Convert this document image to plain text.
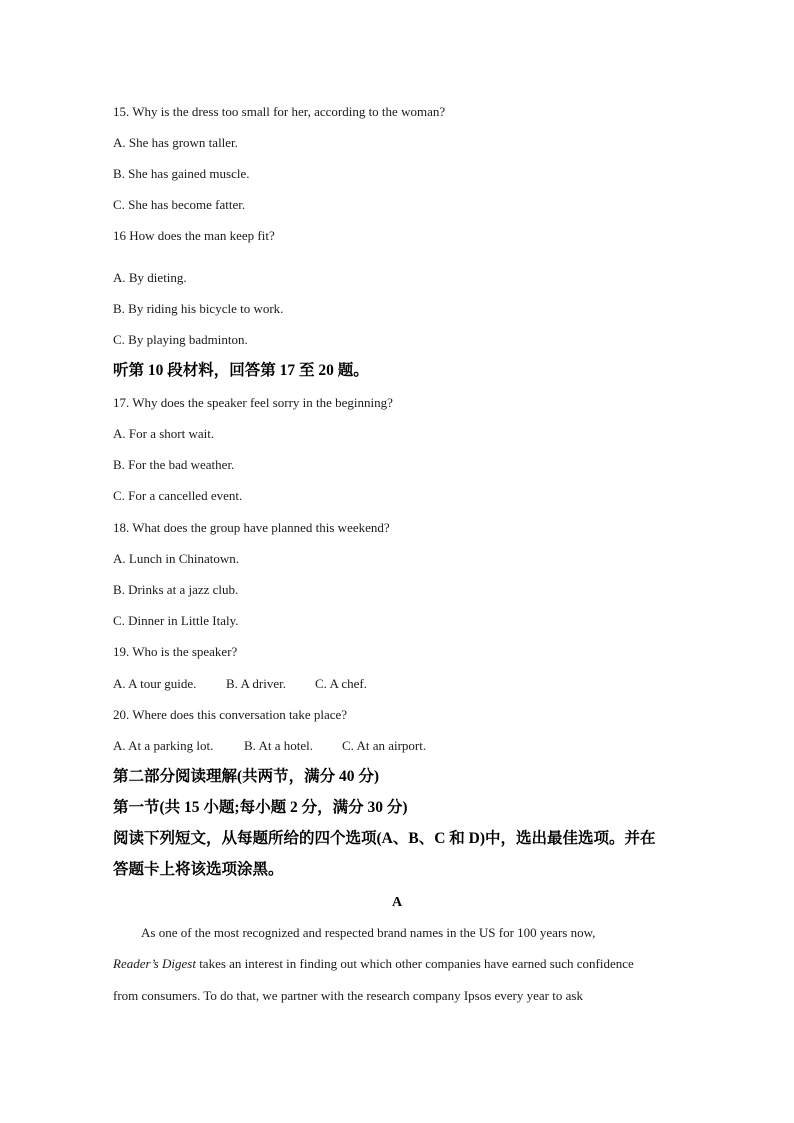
15. Why is the dress too small for her, according to the woman?
A. She has grown taller.
B. She has gained muscle.
C. She has become fatter.
16 How does the man keep fit?
A. By dieting.
B. By riding his bicycle to work.
C. By playing badminton.
听第 10 段材料，回答第 17 至 20 题。
17. Why does the speaker feel sorry in the beginning?
A. For a short wait.
B. For the bad weather.
C. For a cancelled event.
18. What does the group have planned this weekend?
A. Lunch in Chinatown.
B. Drinks at a jazz club.
C. Dinner in Little Italy.
19. Who is the speaker?
A. A tour guide. B. A driver. C. A chef.
20. Where does this conversation take place?
A. At a parking lot. B. At a hotel. C. At an airport.
第二部分阅读理解(共两节，满分 40 分)
第一节(共 15 小题;每小题 2 分，满分 30 分)
阅读下列短文，从每题所给的四个选项(A、B、C 和 D)中，选出最佳选项。并在
答题卡上将该选项涂黑。
A
As one of the most recognized and respected brand names in the US for 100 years now,
Reader’s Digest takes an interest in finding out which other companies have earned such confidence
from consumers. To do that, we partner with the research company Ipsos every year to ask
